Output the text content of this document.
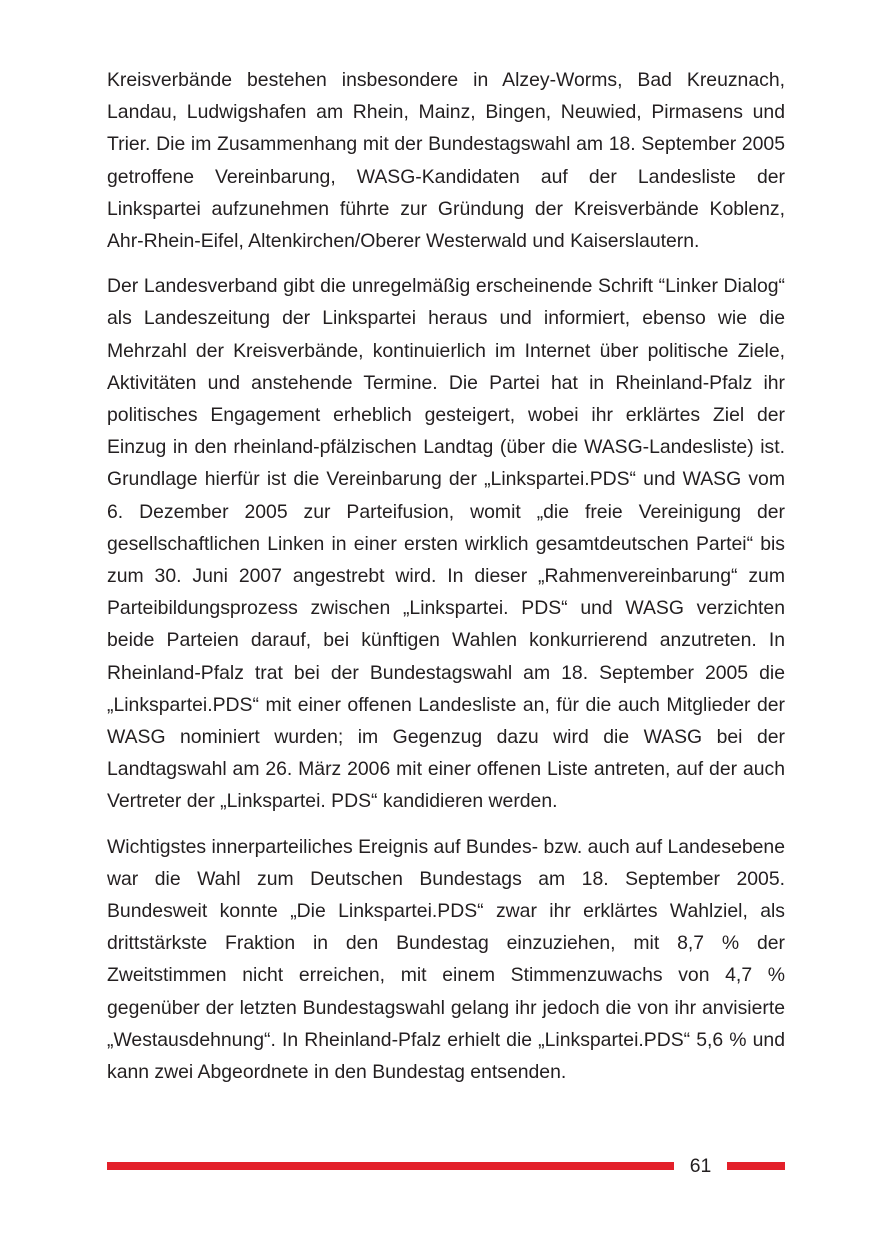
Kreisverbände bestehen insbesondere in Alzey-Worms, Bad Kreuznach, Landau, Ludwigshafen am Rhein, Mainz, Bingen, Neuwied, Pirmasens und Trier. Die im Zusammenhang mit der Bundestagswahl am 18. September 2005 getroffene Vereinbarung, WASG-Kandidaten auf der Landesliste der Linkspartei aufzunehmen führte zur Gründung der Kreisverbände Koblenz, Ahr-Rhein-Eifel, Altenkirchen/Oberer Westerwald und Kaiserslautern.

Der Landesverband gibt die unregelmäßig erscheinende Schrift “Linker Dialog“ als Landeszeitung der Linkspartei heraus und informiert, ebenso wie die Mehrzahl der Kreisverbände, kontinuierlich im Internet über politische Ziele, Aktivitäten und anstehende Termine. Die Partei hat in Rheinland-Pfalz ihr politisches Engagement erheblich gesteigert, wobei ihr erklärtes Ziel der Einzug in den rheinland-pfälzischen Landtag (über die WASG-Landesliste) ist. Grundlage hierfür ist die Vereinbarung der „Linkspartei.PDS“ und WASG vom 6. Dezember 2005 zur Parteifusion, womit „die freie Vereinigung der gesellschaftlichen Linken in einer ersten wirklich gesamtdeutschen Partei“ bis zum 30. Juni 2007 angestrebt wird. In dieser „Rahmenvereinbarung“ zum Parteibildungsprozess zwischen „Linkspartei. PDS“ und WASG verzichten beide Parteien darauf, bei künftigen Wahlen konkurrierend anzutreten. In Rheinland-Pfalz trat bei der Bundestagswahl am 18. September 2005 die „Linkspartei.PDS“ mit einer offenen Landesliste an, für die auch Mitglieder der WASG nominiert wurden; im Gegenzug dazu wird die WASG bei der Landtagswahl am 26. März 2006 mit einer offenen Liste antreten, auf der auch Vertreter der „Linkspartei. PDS“ kandidieren werden.

Wichtigstes innerparteiliches Ereignis auf Bundes- bzw. auch auf Landesebene war die Wahl zum Deutschen Bundestags am 18. September 2005. Bundesweit konnte „Die Linkspartei.PDS“ zwar ihr erklärtes Wahlziel, als drittstärkste Fraktion in den Bundestag einzuziehen, mit 8,7 % der Zweitstimmen nicht erreichen, mit einem Stimmenzuwachs von 4,7 % gegenüber der letzten Bundestagswahl gelang ihr jedoch die von ihr anvisierte „Westausdehnung“. In Rheinland-Pfalz erhielt die „Linkspartei.PDS“ 5,6 % und kann zwei Abgeordnete in den Bundestag entsenden.

61
